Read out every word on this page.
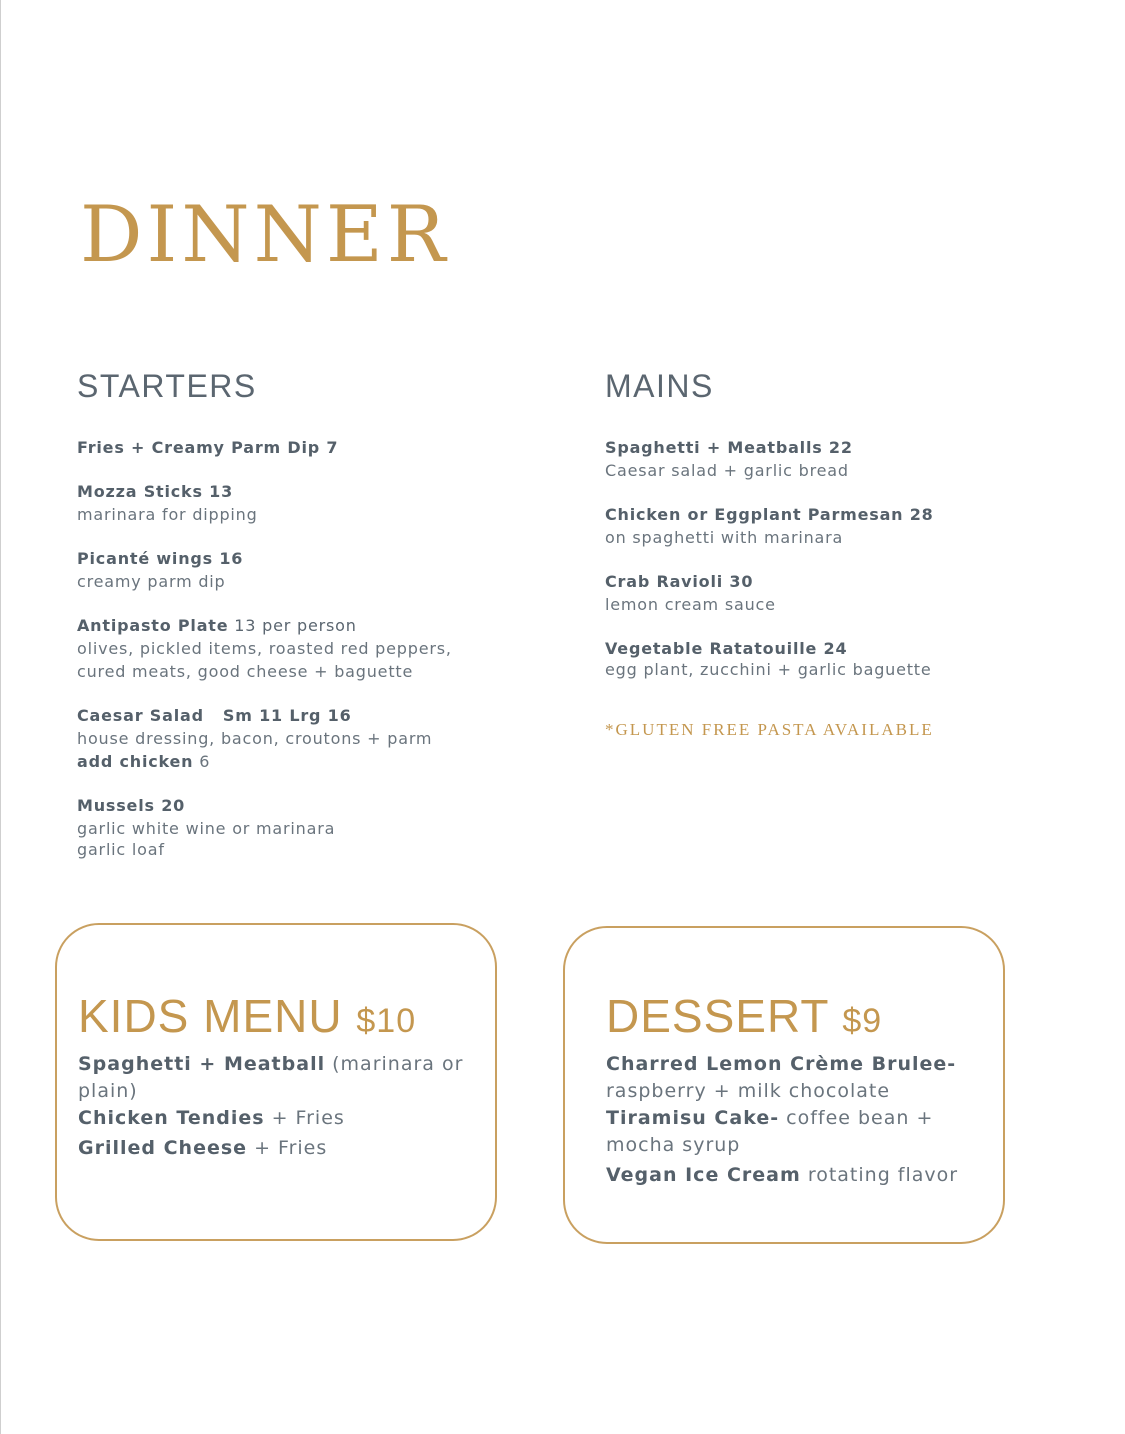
DINNER
STARTERS
Fries + Creamy Parm Dip 7
Mozza Sticks 13
marinara for dipping
Picanté wings 16
creamy parm dip
Antipasto Plate 13 per person
olives, pickled items, roasted red peppers,
cured meats, good cheese + baguette
Caesar Salad   Sm 11 Lrg 16
house dressing, bacon, croutons + parm
add chicken 6
Mussels 20
garlic white wine or marinara
garlic loaf
MAINS
Spaghetti + Meatballs 22
Caesar salad + garlic bread
Chicken or Eggplant Parmesan 28
on spaghetti with marinara
Crab Ravioli 30
lemon cream sauce
Vegetable Ratatouille 24
egg plant, zucchini + garlic baguette
*GLUTEN FREE PASTA AVAILABLE
KIDS MENU $10
Spaghetti + Meatball (marinara or plain)
Chicken Tendies + Fries
Grilled Cheese + Fries
DESSERT $9
Charred Lemon Crème Brulee- raspberry + milk chocolate
Tiramisu Cake- coffee bean + mocha syrup
Vegan Ice Cream rotating flavor
